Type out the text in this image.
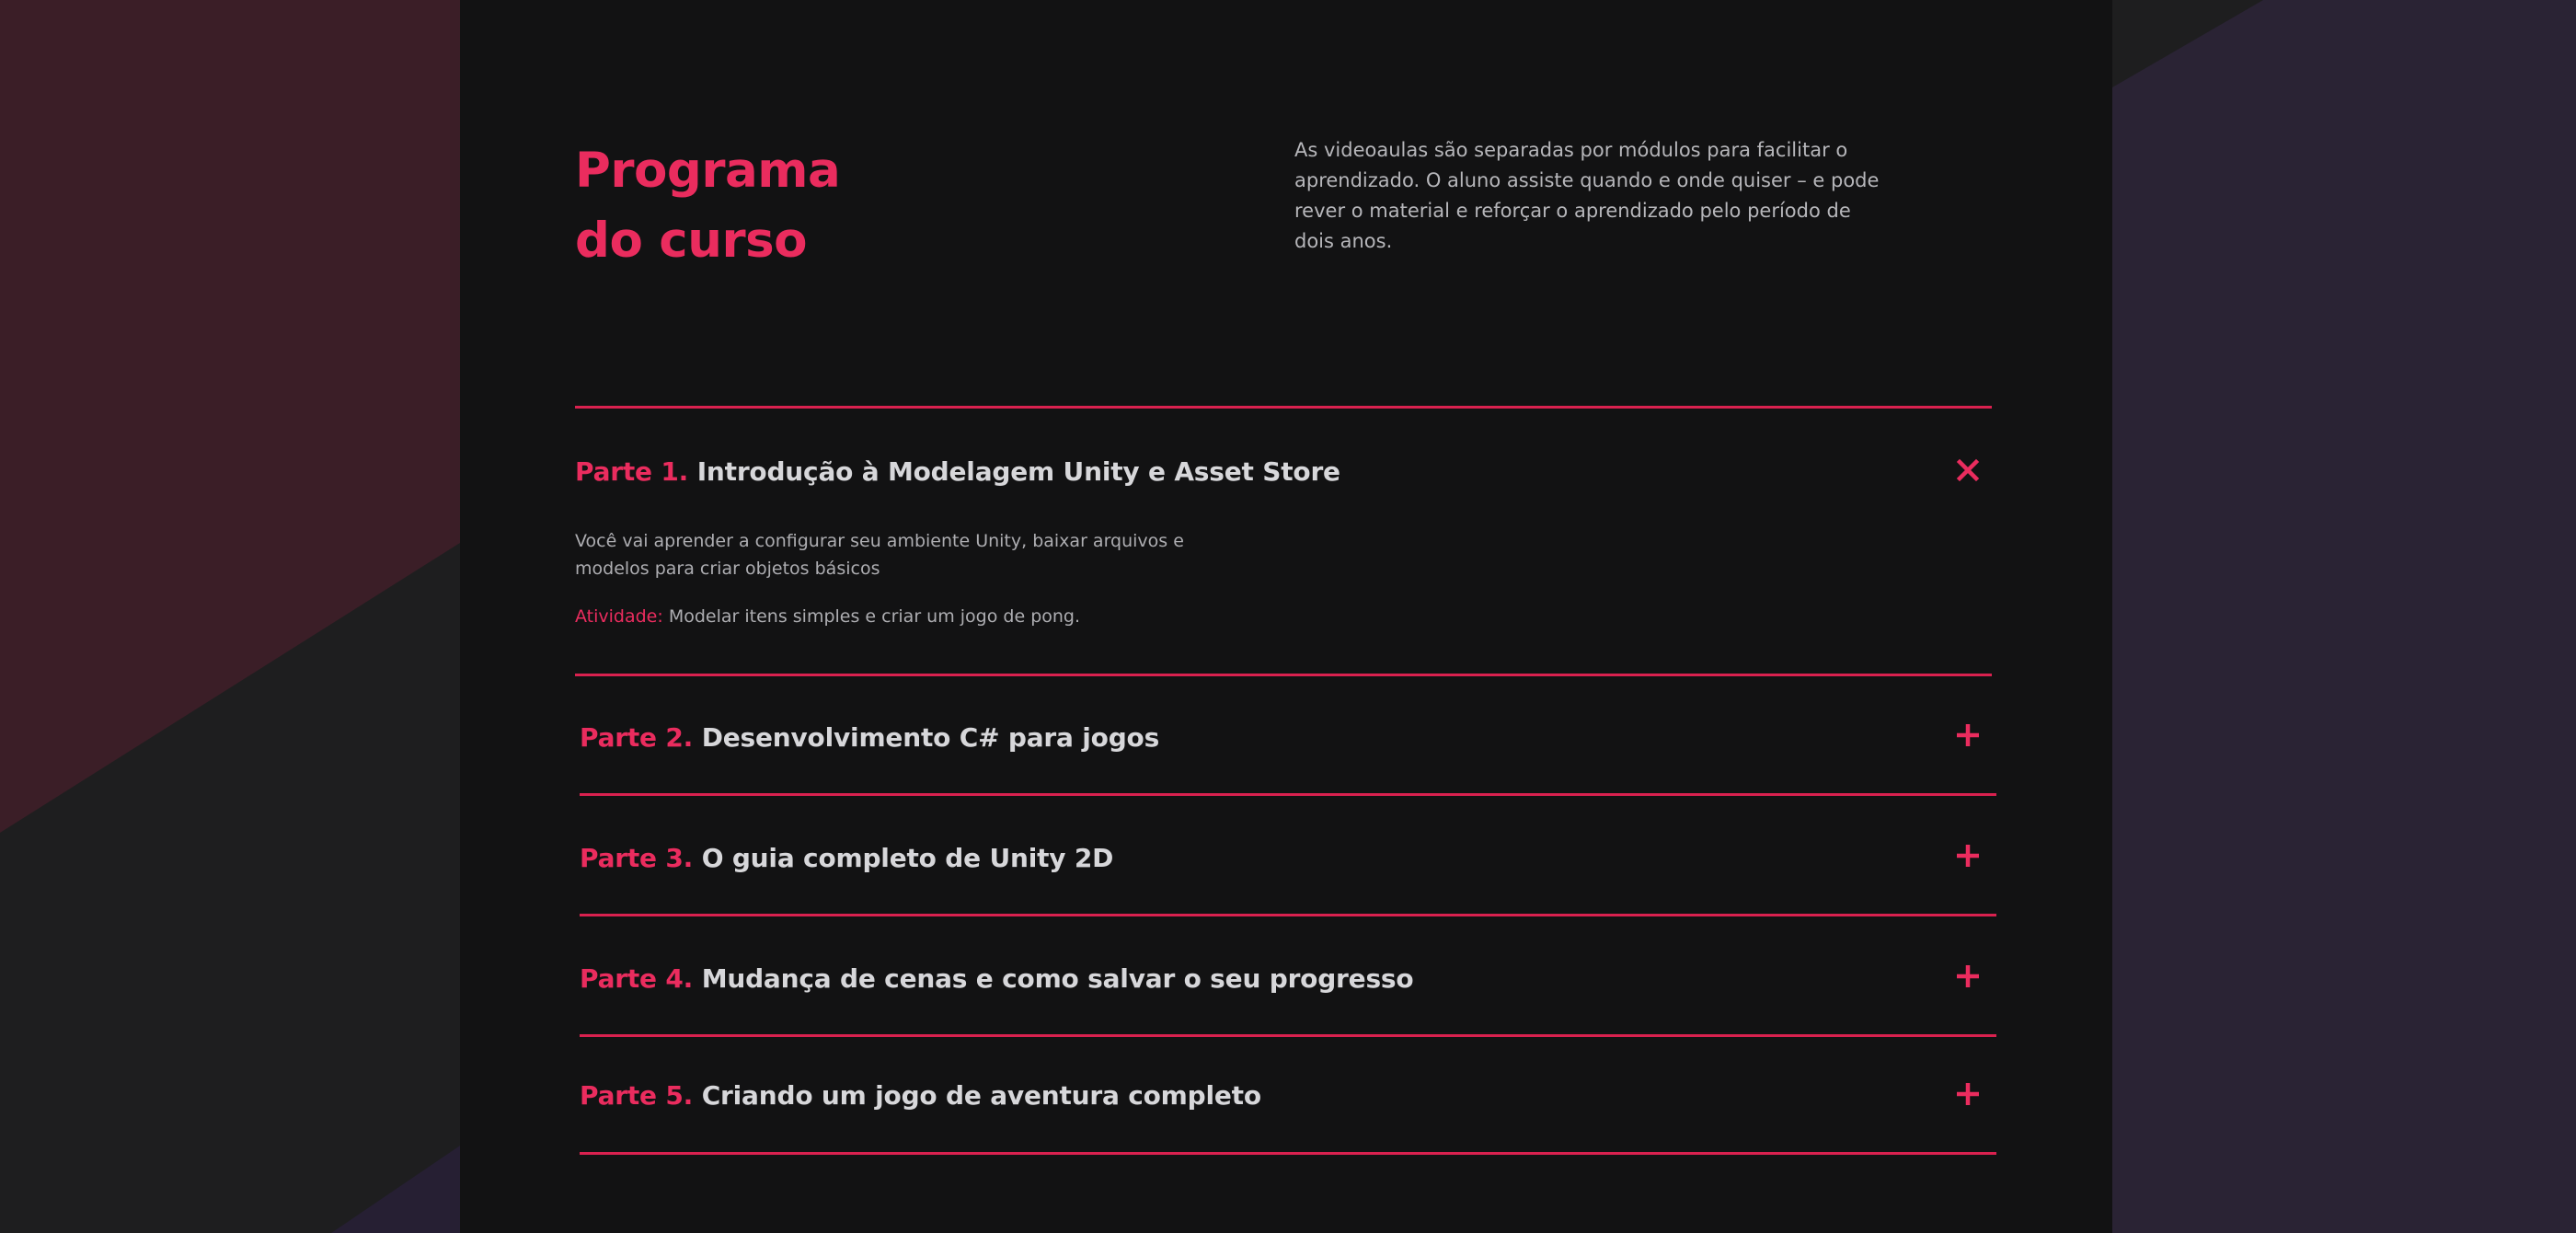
Programa
do curso

As videoaulas são separadas por módulos para facilitar o aprendizado. O aluno assiste quando e onde quiser – e pode rever o material e reforçar o aprendizado pelo período de dois anos.

Parte 1. Introdução à Modelagem Unity e Asset Store

Você vai aprender a configurar seu ambiente Unity, baixar arquivos e modelos para criar objetos básicos

Atividade: Modelar itens simples e criar um jogo de pong.

Parte 2. Desenvolvimento C# para jogos
Parte 3. O guia completo de Unity 2D
Parte 4. Mudança de cenas e como salvar o seu progresso
Parte 5. Criando um jogo de aventura completo
